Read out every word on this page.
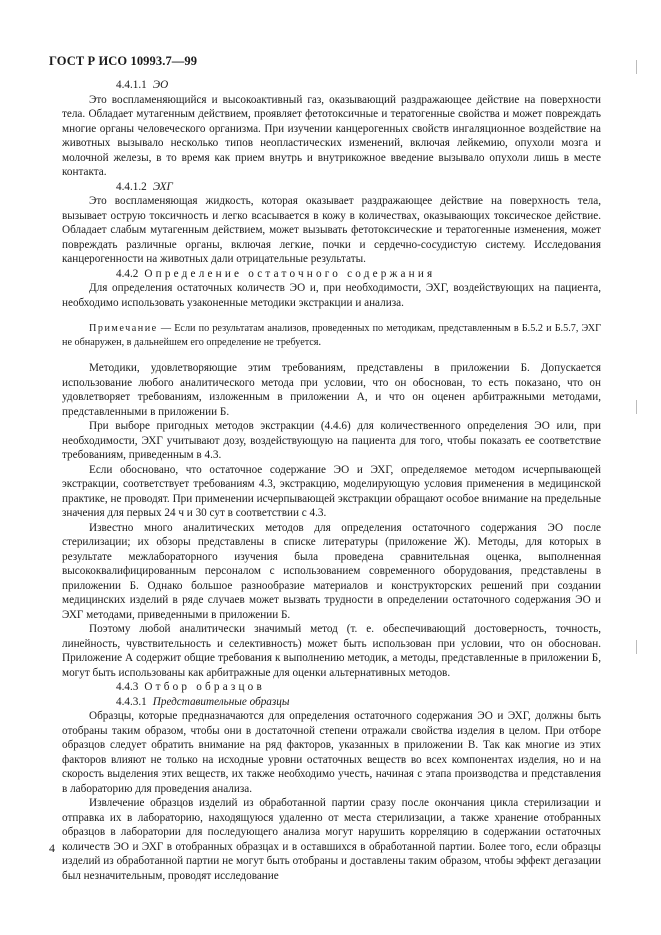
ГОСТ Р ИСО 10993.7—99

4.4.1.1 ЭО

Это воспламеняющийся и высокоактивный газ, оказывающий раздражающее действие на поверхности тела. Обладает мутагенным действием, проявляет фетотоксичные и тератогенные свойства и может повреждать многие органы человеческого организма. При изучении канцерогенных свойств ингаляционное воздействие на животных вызывало несколько типов неопластических изменений, включая лейкемию, опухоли мозга и молочной железы, в то время как прием внутрь и внутрикожное введение вызывало опухоли лишь в месте контакта.

4.4.1.2 ЭХГ

Это воспламеняющая жидкость, которая оказывает раздражающее действие на поверхность тела, вызывает острую токсичность и легко всасывается в кожу в количествах, оказывающих токсическое действие. Обладает слабым мутагенным действием, может вызывать фетотоксические и тератогенные изменения, может повреждать различные органы, включая легкие, почки и сердечно-сосудистую систему. Исследования канцерогенности на животных дали отрицательные результаты.

4.4.2 Определение остаточного содержания

Для определения остаточных количеств ЭО и, при необходимости, ЭХГ, воздействующих на пациента, необходимо использовать узаконенные методики экстракции и анализа.

Примечание — Если по результатам анализов, проведенных по методикам, представленным в Б.5.2 и Б.5.7, ЭХГ не обнаружен, в дальнейшем его определение не требуется.

Методики, удовлетворяющие этим требованиям, представлены в приложении Б. Допускается использование любого аналитического метода при условии, что он обоснован, то есть показано, что он удовлетворяет требованиям, изложенным в приложении А, и что он оценен арбитражными методами, представленными в приложении Б.

При выборе пригодных методов экстракции (4.4.6) для количественного определения ЭО или, при необходимости, ЭХГ учитывают дозу, воздействующую на пациента для того, чтобы показать ее соответствие требованиям, приведенным в 4.3.

Если обосновано, что остаточное содержание ЭО и ЭХГ, определяемое методом исчерпывающей экстракции, соответствует требованиям 4.3, экстракцию, моделирующую условия применения в медицинской практике, не проводят. При применении исчерпывающей экстракции обращают особое внимание на предельные значения для первых 24 ч и 30 сут в соответствии с 4.3.

Известно много аналитических методов для определения остаточного содержания ЭО после стерилизации; их обзоры представлены в списке литературы (приложение Ж). Методы, для которых в результате межлабораторного изучения была проведена сравнительная оценка, выполненная высококвалифицированным персоналом с использованием современного оборудования, представлены в приложении Б. Однако большое разнообразие материалов и конструкторских решений при создании медицинских изделий в ряде случаев может вызвать трудности в определении остаточного содержания ЭО и ЭХГ методами, приведенными в приложении Б.

Поэтому любой аналитически значимый метод (т. е. обеспечивающий достоверность, точность, линейность, чувствительность и селективность) может быть использован при условии, что он обоснован. Приложение А содержит общие требования к выполнению методик, а методы, представленные в приложении Б, могут быть использованы как арбитражные для оценки альтернативных методов.

4.4.3 Отбор образцов

4.4.3.1 Представительные образцы

Образцы, которые предназначаются для определения остаточного содержания ЭО и ЭХГ, должны быть отобраны таким образом, чтобы они в достаточной степени отражали свойства изделия в целом. При отборе образцов следует обратить внимание на ряд факторов, указанных в приложении В. Так как многие из этих факторов влияют не только на исходные уровни остаточных веществ во всех компонентах изделия, но и на скорость выделения этих веществ, их также необходимо учесть, начиная с этапа производства и представления в лабораторию для проведения анализа.

Извлечение образцов изделий из обработанной партии сразу после окончания цикла стерилизации и отправка их в лабораторию, находящуюся удаленно от места стерилизации, а также хранение отобранных образцов в лаборатории для последующего анализа могут нарушить корреляцию в содержании остаточных количеств ЭО и ЭХГ в отобранных образцах и в оставшихся в обработанной партии. Более того, если образцы изделий из обработанной партии не могут быть отобраны и доставлены таким образом, чтобы эффект дегазации был незначительным, проводят исследование

4
